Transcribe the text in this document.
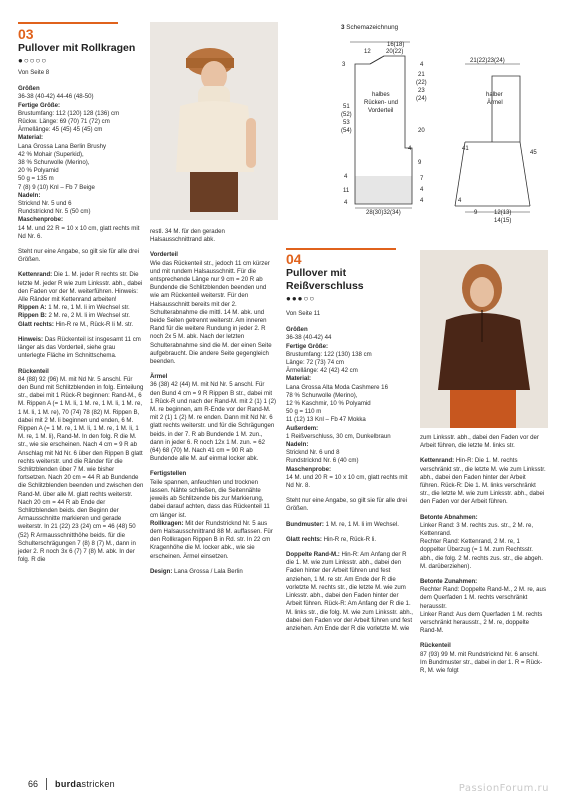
03
Pullover mit Rollkragen
●○○○○
Von Seite 8

Größen
36-38 (40-42) 44-46 (48-50)
Fertige Größe:
Brustumfang: 112 (120) 128 (136) cm
Rückw. Länge: 69 (70) 71 (72) cm
Ärmellänge: 45 (45) 45 (45) cm
Material:
Lana Grossa Lana Berlin Brushy
42 % Mohair (Superkid),
38 % Schurwolle (Merino),
20 % Polyamid
50 g = 135 m
7 (8) 9 (10) Knl – Fb 7 Beige
Nadeln:
Stricknd Nr. 5 und 6
Rundstricknd Nr. 5 (50 cm)
Maschenprobe:
14 M. und 22 R = 10 x 10 cm, glatt rechts mit Nd Nr. 6.

Steht nur eine Angabe, so gilt sie für alle drei Größen.

Kettenrand: Die 1. M. jeder R rechts str. Die letzte M. jeder R wie zum Linksstr. abh., dabei den Faden vor der M. weiterführen. Hinweis: Alle Ränder mit Kettenrand arbeiten!
Rippen A: 1 M. re, 1 M. li im Wechsel str.
Rippen B: 2 M. re, 2 M. li im Wechsel str.
Glatt rechts: Hin-R re M., Rück-R li M. str.

Hinweis: Das Rückenteil ist insgesamt 11 cm länger als das Vorderteil, siehe grau unterlegte Fläche im Schnittschema.

Rückenteil
84 (88) 92 (96) M. mit Nd Nr. 5 anschl. Für den Bund mit Schlitzblenden in folg. Einteilung str., dabei mit 1 Rück-R beginnen: Rand-M., 6 M. Rippen A (= 1 M. li, 1 M. re, 1 M. li, 1 M. re, 1 M. li, 1 M. re), 70 (74) 78 (82) M. Rippen B, dabei mit 2 M. li beginnen und enden, 6 M. Rippen A (= 1 M. re, 1 M. li, 1 M. re, 1 M. li, 1 M. re, 1 M. li), Rand-M. In den folg. R die M. str., wie sie erscheinen. Nach 4 cm = 9 R ab Anschlag mit Nd Nr. 6 über den Rippen B glatt rechts weiterstr. und die Ränder für die Schlitzblenden über 7 M. wie bisher fortsetzen. Nach 20 cm = 44 R ab Bundende die Schlitzblenden beenden und zwischen den Rand-M. über alle M. glatt rechts weiterstr. Nach 20 cm = 44 R ab Ende der Schlitzblenden beids. den Beginn der Armausschnitte markieren und gerade weiterstr. In 21 (22) 23 (24) cm = 46 (48) 50 (52) R Armausschnitthöhe beids. für die Schulterschrägungen 7 (8) 8 (7) M., dann in jeder 2. R noch 3x 6 (7) 7 (8) M. abk. In der folg. R die

restl. 34 M. für den geraden Halsausschnittrand abk.

Vorderteil
Wie das Rückenteil str., jedoch 11 cm kürzer und mit rundem Halsausschnitt. Für die entsprechende Länge nur 9 cm = 20 R ab Bundende die Schlitzblenden beenden und wie am Rückenteil weiterstr. Für den Halsausschnitt bereits mit der 2. Schulterabnahme die mittl. 14 M. abk. und beide Seiten getrennt weiterstr. Am inneren Rand für die weitere Rundung in jeder 2. R noch 2x 5 M. abk. Nach der letzten Schulterabnahme sind die M. der einen Seite aufgebraucht. Die andere Seite gegengleich beenden.

Ärmel
36 (38) 42 (44) M. mit Nd Nr. 5 anschl. Für den Bund 4 cm = 9 R Rippen B str., dabei mit 1 Rück-R und nach der Rand-M. mit 2 (1) 1 (2) M. re beginnen, am R-Ende vor der Rand-M. mit 2 (1) 1 (2) M. re enden. Dann mit Nd Nr. 6 glatt rechts weiterstr. und für die Schrägungen beids. in der 7. R ab Bundende 1 M. zun., dann in jeder 6. R noch 12x 1 M. zun. = 62 (64) 68 (70) M. Nach 41 cm = 90 R ab Bundende alle M. auf einmal locker abk.

Fertigstellen
Teile spannen, anfeuchten und trocknen lassen. Nähte schließen, die Seitennähte jeweils ab Schlitzende bis zur Markierung, dabei darauf achten, dass das Rückenteil 11 cm länger ist.
Rollkragen: Mit der Rundstricknd Nr. 5 aus dem Halsausschnittrand 88 M. auffassen. Für den Rollkragen Rippen B in Rd. str. In 22 cm Kragenhöhe die M. locker abk., wie sie erscheinen. Ärmel einsetzen.

Design: Lana Grossa / Lala Berlin

3 Schemazeichnung
16(18)
12	20(22)
3	4
21
(22)
23
(24)
halbes
Rücken- und
Vorderteil
51
(52)
53
(54)	20
4
9
4
11
4
7
4
4
28(30)32(34)
21(22)23(24)
halber
Ärmel
41
45
4
9	12(13)
14(15)
04
Pullover mit
Reißverschluss
●●●○○
Von Seite 11

Größen
36-38 (40-42) 44
Fertige Größe:
Brustumfang: 122 (130) 138 cm
Länge: 72 (73) 74 cm
Ärmellänge: 42 (42) 42 cm
Material:
Lana Grossa Alta Moda Cashmere 16
78 % Schurwolle (Merino),
12 % Kaschmir, 10 % Polyamid
50 g = 110 m
11 (12) 13 Knl – Fb 47 Mokka
Außerdem:
1 Reißverschluss, 30 cm, Dunkelbraun
Nadeln:
Stricknd Nr. 6 und 8
Rundstricknd Nr. 6 (40 cm)
Maschenprobe:
14 M. und 20 R = 10 x 10 cm, glatt rechts mit Nd Nr. 8.

Steht nur eine Angabe, so gilt sie für alle drei Größen.

Bundmuster: 1 M. re, 1 M. li im Wechsel.

Glatt rechts: Hin-R re, Rück-R li.

Doppelte Rand-M.: Hin-R: Am Anfang der R die 1. M. wie zum Linksstr. abh., dabei den Faden hinter der Arbeit führen und fest anziehen, 1 M. re str. Am Ende der R die vorletzte M. rechts str., die letzte M. wie zum Linksstr. abh., dabei den Faden hinter der Arbeit führen. Rück-R: Am Anfang der R die 1. M. links str., die folg. M. wie zum Linksstr. abh., dabei den Faden vor der Arbeit führen und fest anziehen. Am Ende der R die vorletzte M. wie

zum Linksstr. abh., dabei den Faden vor der Arbeit führen, die letzte M. links str.

Kettenrand: Hin-R: Die 1. M. rechts verschränkt str., die letzte M. wie zum Linksstr. abh., dabei den Faden hinter der Arbeit führen. Rück-R: Die 1. M. links verschränkt str., die letzte M. wie zum Linksstr. abh., dabei den Faden vor der Arbeit führen.

Betonte Abnahmen:
Linker Rand: 3 M. rechts zus. str., 2 M. re, Kettenrand.
Rechter Rand: Kettenrand, 2 M. re, 1 doppelter Überzug (= 1 M. zum Rechtsstr. abh., die folg. 2 M. rechts zus. str., die abgeh. M. darüberziehen).

Betonte Zunahmen:
Rechter Rand: Doppelte Rand-M., 2 M. re, aus dem Querfaden 1 M. rechts verschränkt herausstr.
Linker Rand: Aus dem Querfaden 1 M. rechts verschränkt herausstr., 2 M. re, doppelte Rand-M.

Rückenteil
87 (93) 99 M. mit Rundstricknd Nr. 6 anschl. Im Bundmuster str., dabei in der 1. R = Rück-R, M. wie folgt

66 burdastricken	PassionForum.ru
